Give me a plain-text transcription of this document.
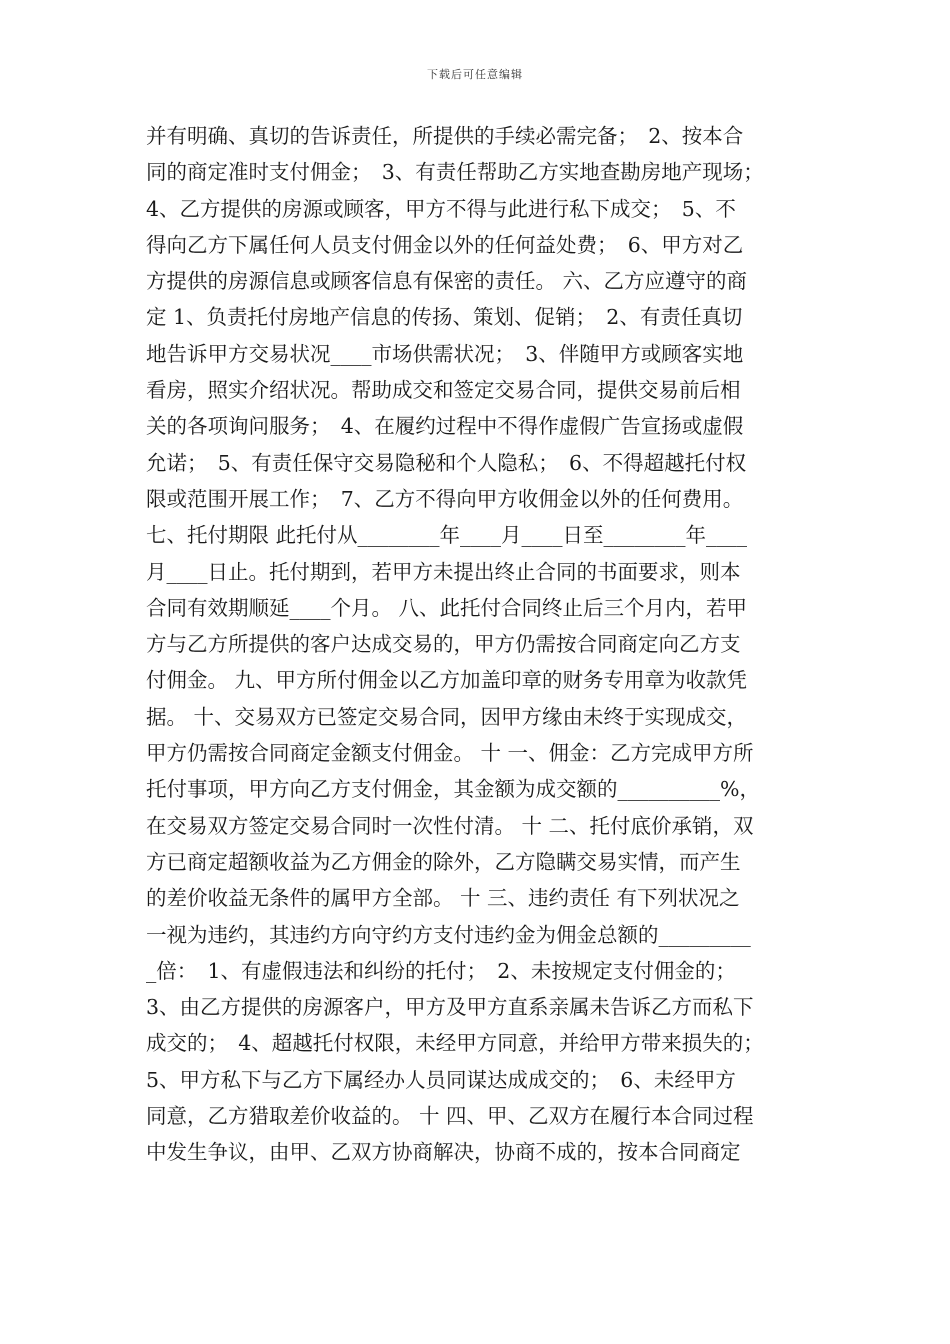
下载后可任意编辑
并有明确、真切的告诉责任，所提供的手续必需完备；　2、按本合
同的商定准时支付佣金；　3、有责任帮助乙方实地查勘房地产现场；
4、乙方提供的房源或顾客，甲方不得与此进行私下成交；　5、不
得向乙方下属任何人员支付佣金以外的任何益处费；　6、甲方对乙
方提供的房源信息或顾客信息有保密的责任。 六、乙方应遵守的商
定 1、负责托付房地产信息的传扬、策划、促销；　2、有责任真切
地告诉甲方交易状况____市场供需状况；　3、伴随甲方或顾客实地
看房，照实介绍状况。帮助成交和签定交易合同，提供交易前后相
关的各项询问服务；　4、在履约过程中不得作虚假广告宣扬或虚假
允诺；　5、有责任保守交易隐秘和个人隐私；　6、不得超越托付权
限或范围开展工作；　7、乙方不得向甲方收佣金以外的任何费用。
七、托付期限 此托付从________年____月____日至________年____
月____日止。托付期到，若甲方未提出终止合同的书面要求，则本
合同有效期顺延____个月。 八、此托付合同终止后三个月内，若甲
方与乙方所提供的客户达成交易的，甲方仍需按合同商定向乙方支
付佣金。 九、甲方所付佣金以乙方加盖印章的财务专用章为收款凭
据。 十、交易双方已签定交易合同，因甲方缘由未终于实现成交，
甲方仍需按合同商定金额支付佣金。 十 一、佣金：乙方完成甲方所
托付事项，甲方向乙方支付佣金，其金额为成交额的__________%，
在交易双方签定交易合同时一次性付清。 十 二、托付底价承销，双
方已商定超额收益为乙方佣金的除外，乙方隐瞒交易实情，而产生
的差价收益无条件的属甲方全部。 十 三、违约责任 有下列状况之
一视为违约，其违约方向守约方支付违约金为佣金总额的_________
_倍：　1、有虚假违法和纠纷的托付；　2、未按规定支付佣金的；
3、由乙方提供的房源客户，甲方及甲方直系亲属未告诉乙方而私下
成交的；　4、超越托付权限，未经甲方同意，并给甲方带来损失的；
5、甲方私下与乙方下属经办人员同谋达成成交的；　6、未经甲方
同意，乙方猎取差价收益的。 十 四、甲、乙双方在履行本合同过程
中发生争议，由甲、乙双方协商解决，协商不成的，按本合同商定
